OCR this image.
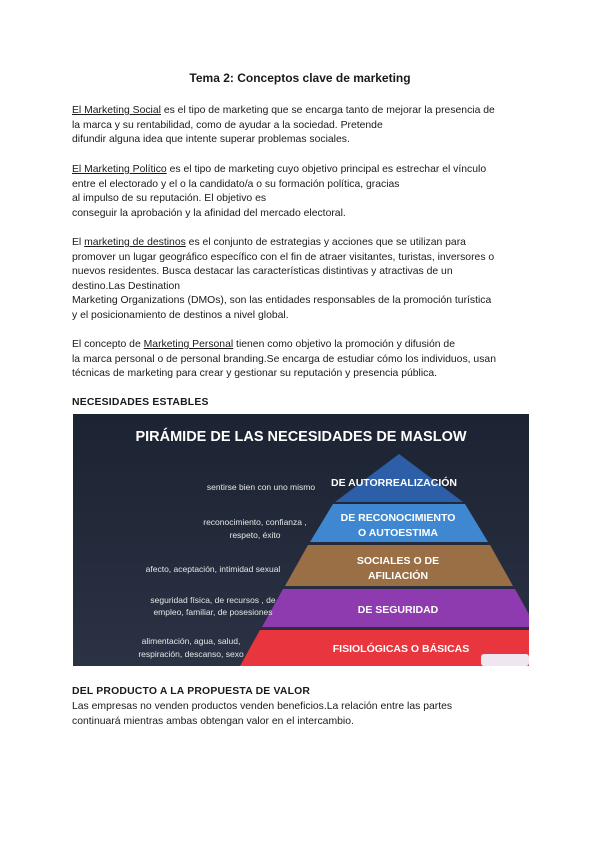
Tema 2: Conceptos clave de marketing

El Marketing Social es el tipo de marketing que se encarga tanto de mejorar la presencia de

la marca y su rentabilidad, como de ayudar a la sociedad. Pretende

difundir alguna idea que intente superar problemas sociales.

El Marketing Político es el tipo de marketing cuyo objetivo principal es estrechar el vínculo

entre el electorado y el o la candidato/a o su formación política, gracias

al impulso de su reputación. El objetivo es

conseguir la aprobación y la afinidad del mercado electoral.

El marketing de destinos es el conjunto de estrategias y acciones que se utilizan para

promover un lugar geográfico específico con el fin de atraer visitantes, turistas, inversores o

nuevos residentes. Busca destacar las características distintivas y atractivas de un

destino.Las Destination

Marketing Organizations (DMOs), son las entidades responsables de la promoción turística

y el posicionamiento de destinos a nivel global.

El concepto de Marketing Personal tienen como objetivo la promoción y difusión de

la marca personal o de personal branding.Se encarga de estudiar cómo los individuos, usan

técnicas de marketing para crear y gestionar su reputación y presencia pública.

NECESIDADES ESTABLES
PIRÁMIDE DE LAS NECESIDADES DE MASLOW
DE AUTORREALIZACIÓN
sentirse bien con uno mismo
DE RECONOCIMIENTO
O AUTOESTIMA
reconocimiento, confianza ,
respeto, éxito
SOCIALES O DE
AFILIACIÓN
afecto, aceptación, intimidad sexual
DE SEGURIDAD
seguridad física, de recursos , de
empleo, familiar, de posesiones
FISIOLÓGICAS O BÁSICAS
alimentación, agua, salud,
respiración, descanso, sexo
DEL PRODUCTO A LA PROPUESTA DE VALOR
Las empresas no venden productos venden beneficios.La relación entre las partes
continuará mientras ambas obtengan valor en el intercambio.
